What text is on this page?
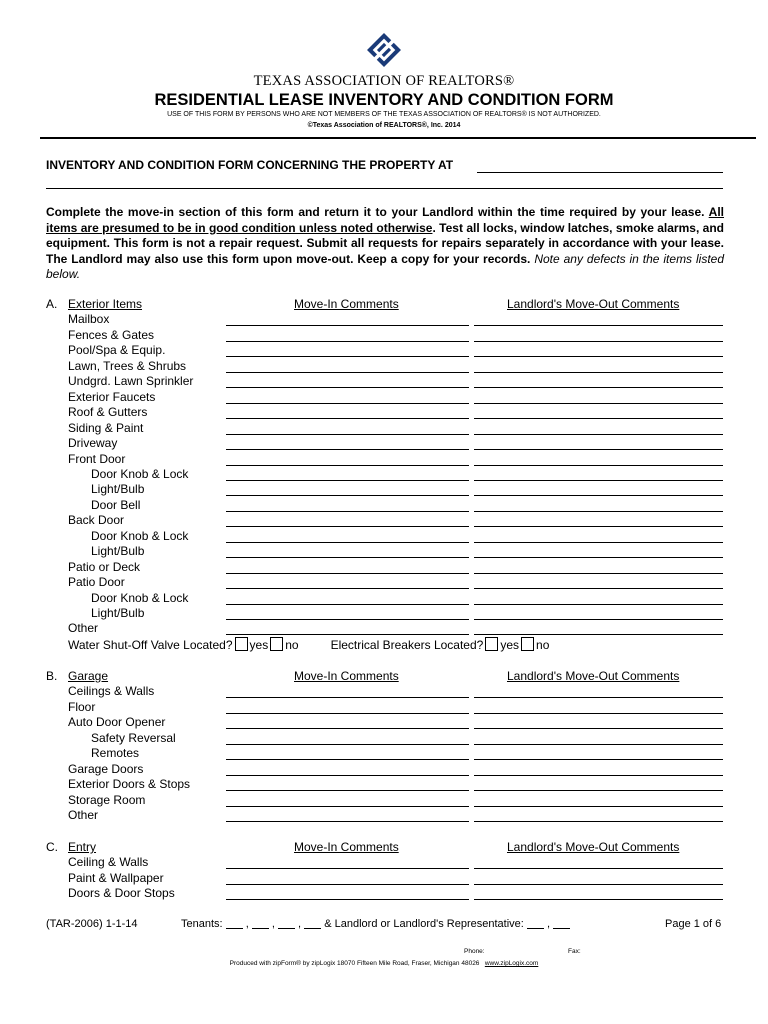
TEXAS ASSOCIATION OF REALTORS®
RESIDENTIAL LEASE INVENTORY AND CONDITION FORM
USE OF THIS FORM BY PERSONS WHO ARE NOT MEMBERS OF THE TEXAS ASSOCIATION OF REALTORS® IS NOT AUTHORIZED.
©Texas Association of REALTORS®, Inc. 2014
INVENTORY AND CONDITION FORM CONCERNING THE PROPERTY AT
Complete the move-in section of this form and return it to your Landlord within the time required by your lease. All items are presumed to be in good condition unless noted otherwise. Test all locks, window latches, smoke alarms, and equipment. This form is not a repair request. Submit all requests for repairs separately in accordance with your lease. The Landlord may also use this form upon move-out. Keep a copy for your records. Note any defects in the items listed below.
A. Exterior Items	Move-In Comments	Landlord's Move-Out Comments
Mailbox
Fences & Gates
Pool/Spa & Equip.
Lawn, Trees & Shrubs
Undgrd. Lawn Sprinkler
Exterior Faucets
Roof & Gutters
Siding & Paint
Driveway
Front Door
Door Knob & Lock
Light/Bulb
Door Bell
Back Door
Door Knob & Lock
Light/Bulb
Patio or Deck
Patio Door
Door Knob & Lock
Light/Bulb
Other
Water Shut-Off Valve Located? yes no	Electrical Breakers Located? yes no
B. Garage	Move-In Comments	Landlord's Move-Out Comments
Ceilings & Walls
Floor
Auto Door Opener
Safety Reversal
Remotes
Garage Doors
Exterior Doors & Stops
Storage Room
Other
C. Entry	Move-In Comments	Landlord's Move-Out Comments
Ceiling & Walls
Paint & Wallpaper
Doors & Door Stops
(TAR-2006) 1-1-14	Tenants:  ,  ,  ,  & Landlord or Landlord's Representative:  ,	Page 1 of 6
Phone:	Fax:
Produced with zipForm® by zipLogix 18070 Fifteen Mile Road, Fraser, Michigan 48026 www.zipLogix.com
